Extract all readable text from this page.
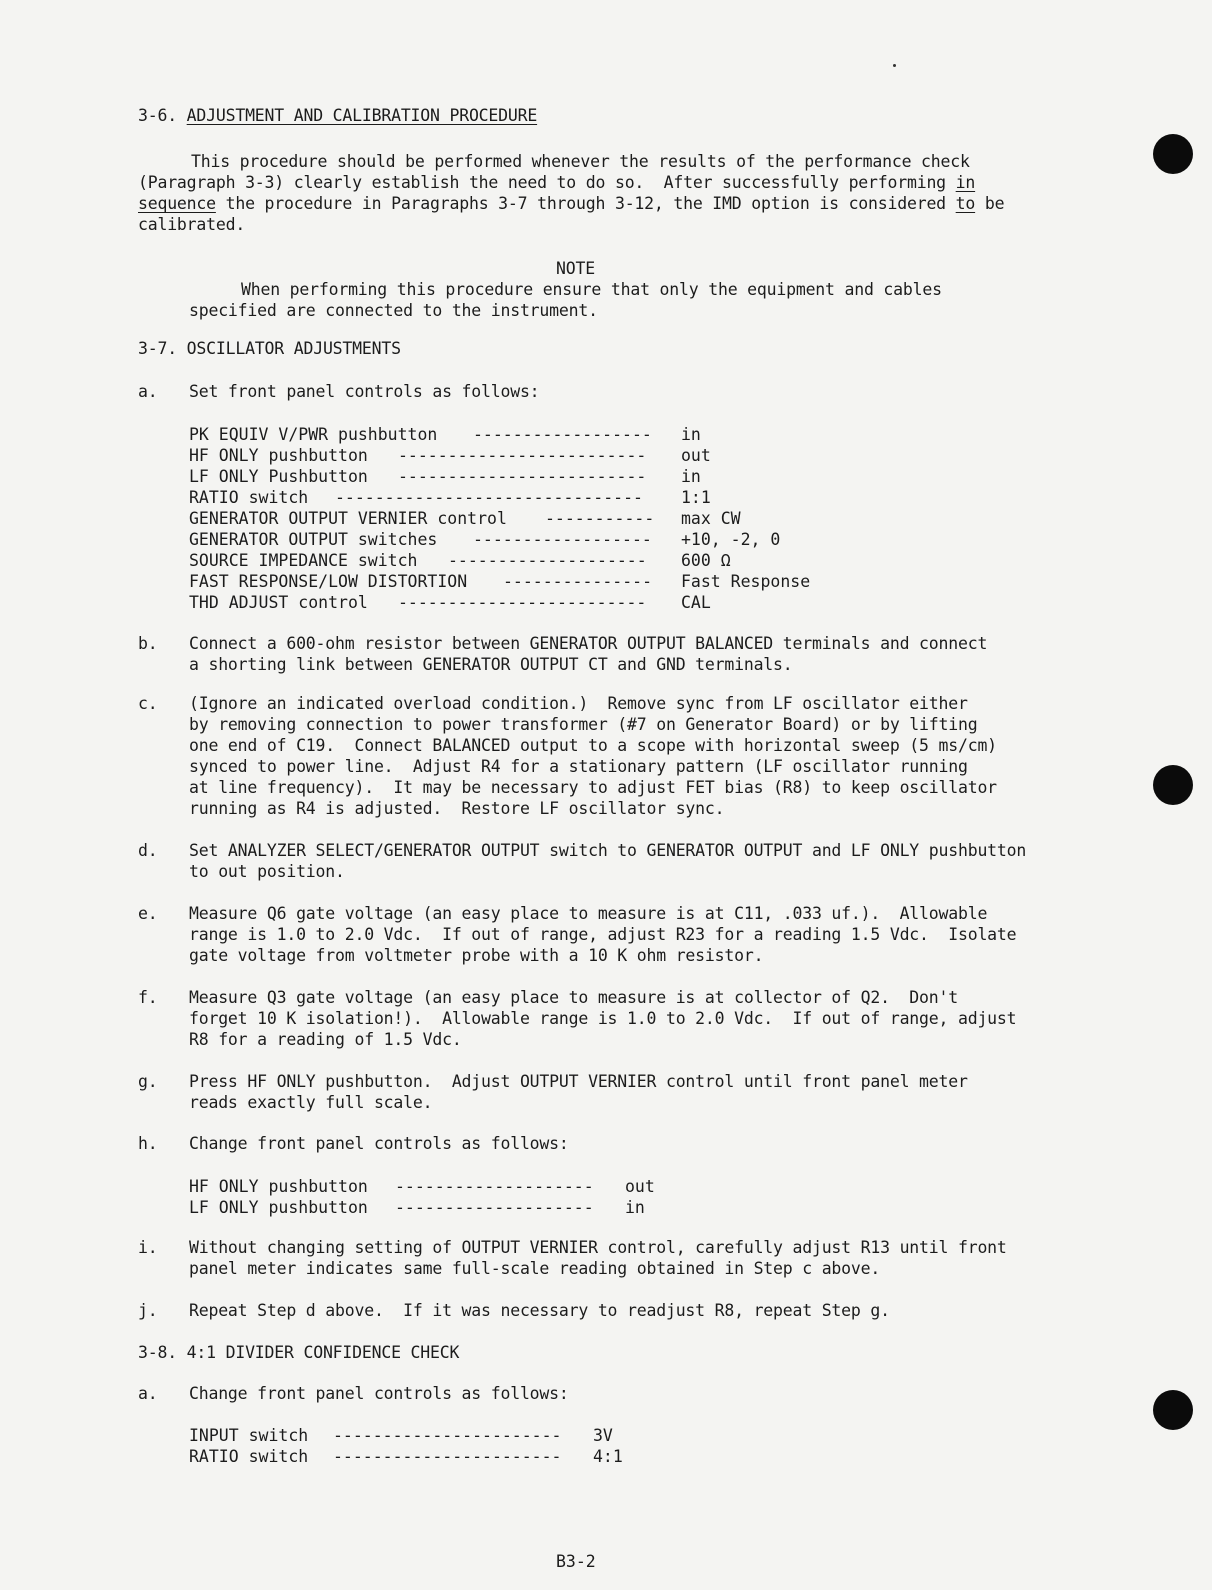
3-6. ADJUSTMENT AND CALIBRATION PROCEDURE

This procedure should be performed whenever the results of the performance check

(Paragraph 3-3) clearly establish the need to do so.  After successfully performing in

sequence the procedure in Paragraphs 3-7 through 3-12, the IMD option is considered to be

calibrated.

NOTE

When performing this procedure ensure that only the equipment and cables

specified are connected to the instrument.

3-7. OSCILLATOR ADJUSTMENTS

a. Set front panel controls as follows:

PK EQUIV V/PWR pushbutton ------------------ in
HF ONLY pushbutton ------------------------- out
LF ONLY Pushbutton ------------------------- in
RATIO switch ------------------------------- 1:1
GENERATOR OUTPUT VERNIER control ----------- max CW
GENERATOR OUTPUT switches ------------------ +10, -2, 0
SOURCE IMPEDANCE switch -------------------- 600 Ω
FAST RESPONSE/LOW DISTORTION --------------- Fast Response
THD ADJUST control ------------------------- CAL

b. Connect a 600-ohm resistor between GENERATOR OUTPUT BALANCED terminals and connect

a shorting link between GENERATOR OUTPUT CT and GND terminals.

c. (Ignore an indicated overload condition.)  Remove sync from LF oscillator either

by removing connection to power transformer (#7 on Generator Board) or by lifting

one end of C19.  Connect BALANCED output to a scope with horizontal sweep (5 ms/cm)

synced to power line.  Adjust R4 for a stationary pattern (LF oscillator running

at line frequency).  It may be necessary to adjust FET bias (R8) to keep oscillator

running as R4 is adjusted.  Restore LF oscillator sync.

d. Set ANALYZER SELECT/GENERATOR OUTPUT switch to GENERATOR OUTPUT and LF ONLY pushbutton

to out position.

e. Measure Q6 gate voltage (an easy place to measure is at C11, .033 uf.).  Allowable

range is 1.0 to 2.0 Vdc.  If out of range, adjust R23 for a reading 1.5 Vdc.  Isolate

gate voltage from voltmeter probe with a 10 K ohm resistor.

f. Measure Q3 gate voltage (an easy place to measure is at collector of Q2.  Don't

forget 10 K isolation!).  Allowable range is 1.0 to 2.0 Vdc.  If out of range, adjust

R8 for a reading of 1.5 Vdc.

g. Press HF ONLY pushbutton.  Adjust OUTPUT VERNIER control until front panel meter

reads exactly full scale.

h. Change front panel controls as follows:

HF ONLY pushbutton -------------------- out
LF ONLY pushbutton -------------------- in

i. Without changing setting of OUTPUT VERNIER control, carefully adjust R13 until front

panel meter indicates same full-scale reading obtained in Step c above.

j. Repeat Step d above.  If it was necessary to readjust R8, repeat Step g.

3-8. 4:1 DIVIDER CONFIDENCE CHECK

a. Change front panel controls as follows:

INPUT switch ----------------------- 3V
RATIO switch ----------------------- 4:1
B3-2
